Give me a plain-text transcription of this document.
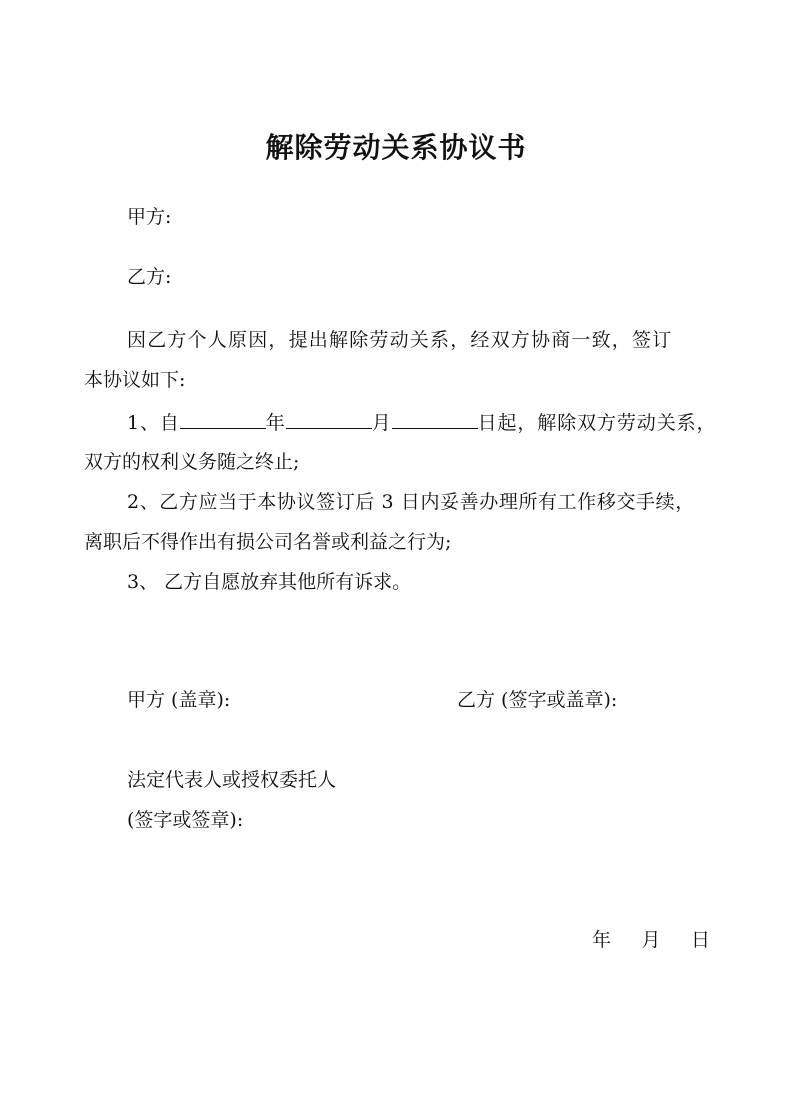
解除劳动关系协议书
甲方:
乙方:
因乙方个人原因，提出解除劳动关系，经双方协商一致，签订
本协议如下:
1、自	年	月	日起，解除双方劳动关系，
双方的权利义务随之终止;
2、乙方应当于本协议签订后 3 日内妥善办理所有工作移交手续，
离职后不得作出有损公司名誉或利益之行为;
3、 乙方自愿放弃其他所有诉求。
甲方 (盖章):	乙方 (签字或盖章):
法定代表人或授权委托人
(签字或签章):
年 月 日
